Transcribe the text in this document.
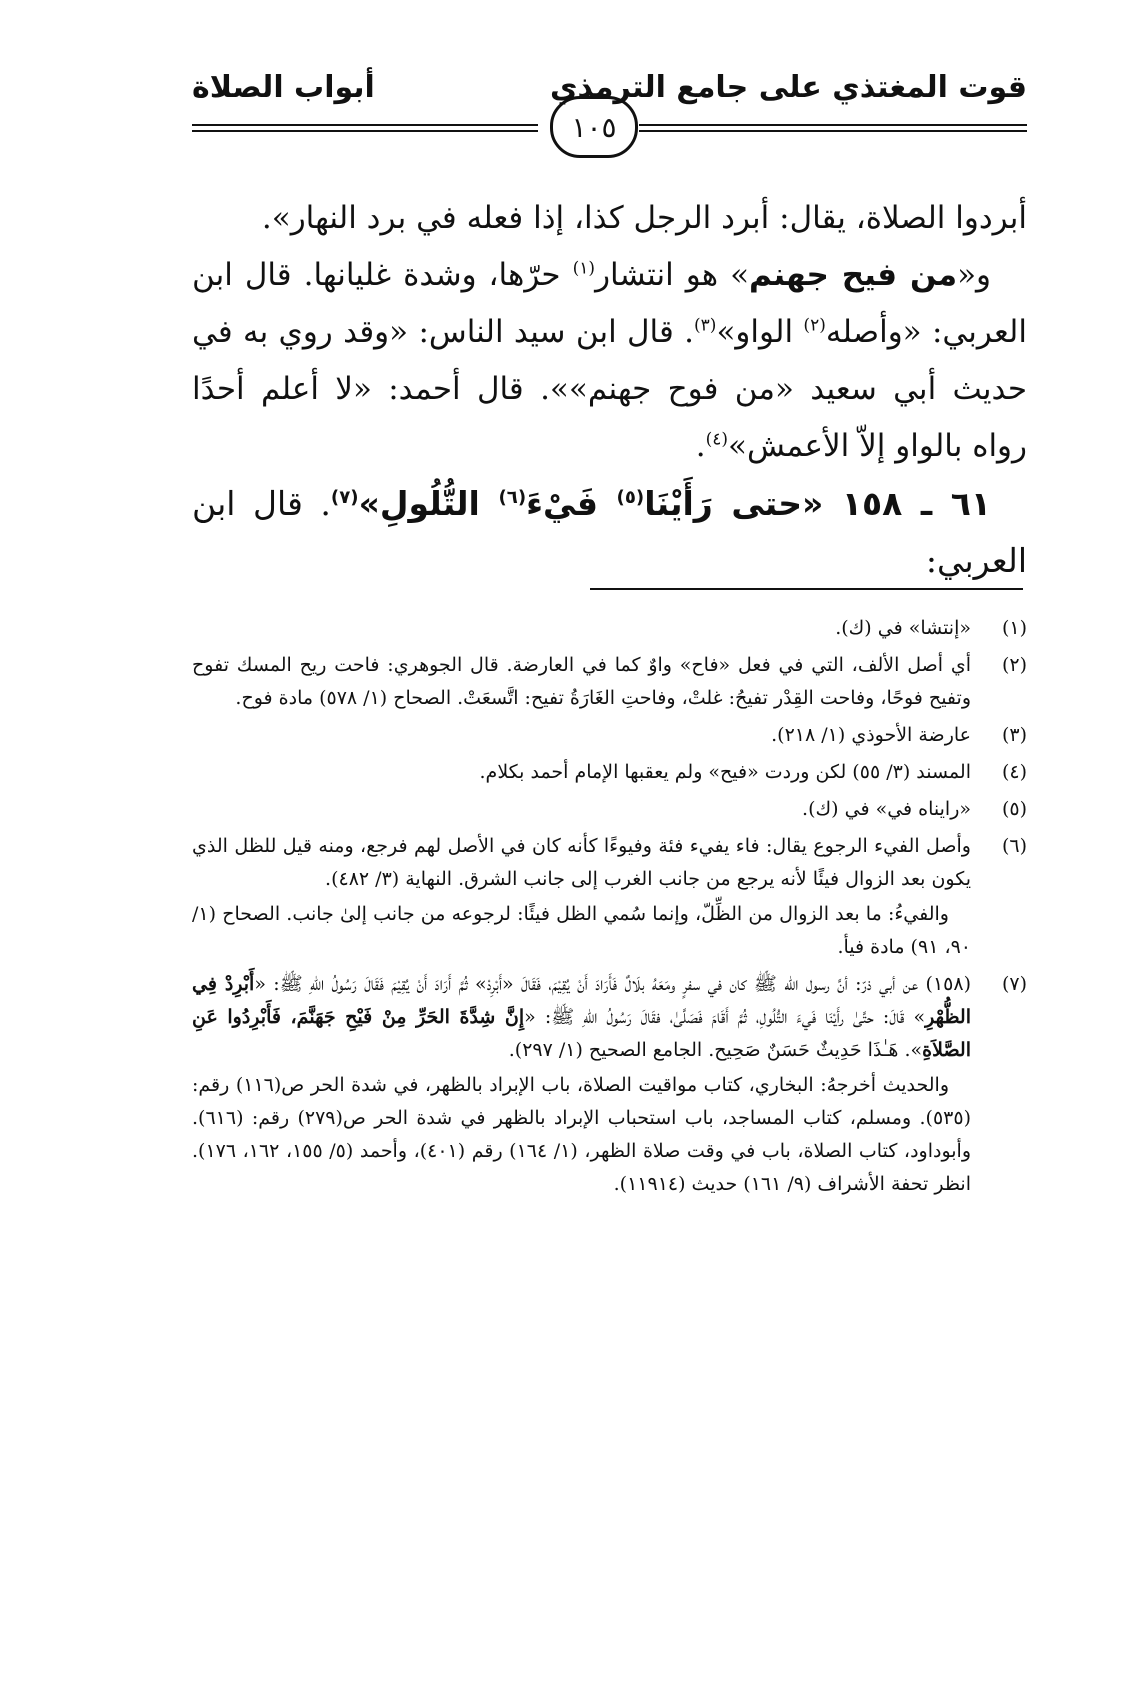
قوت المغتذي على جامع الترمذي
أبواب الصلاة
١٠٥

أبردوا الصلاة، يقال: أبرد الرجل كذا، إذا فعله في برد النهار».

و«من فيح جهنم» هو انتشار$^{(١)}$ حرّها، وشدة غليانها. قال ابن العربي: «وأصله$^{(٢)}$ الواو»$^{(٣)}$. قال ابن سيد الناس: «وقد روي به في حديث أبي سعيد «من فوح جهنم»». قال أحمد: «لا أعلم أحدًا رواه بالواو إلاّ الأعمش»$^{(٤)}$.

٦١ ـ ١٥٨ «حتى رَأَيْنَا$^{(٥)}$ فَيْءَ$^{(٦)}$ التُّلُولِ»$^{(٧)}$. قال ابن العربي:

(١)

«إنتشا» في (ك).

(٢)

أي أصل الألف، التي في فعل «فاح» واوٌ كما في العارضة. قال الجوهري: فاحت ريح المسك تفوح وتفيح فوحًا، وفاحت القِدْر تفيحُ: غلتْ، وفاحتِ الغَارَةُ تفيح: اتَّسعَتْ. الصحاح (١/ ٥٧٨) مادة فوح.

(٣)

عارضة الأحوذي (١/ ٢١٨).

(٤)

المسند (٣/ ٥٥) لكن وردت «فيح» ولم يعقبها الإمام أحمد بكلام.

(٥)

«رايناه في» في (ك).

(٦)

وأصل الفيء الرجوع يقال: فاء يفيء فئة وفيوءًا كأنه كان في الأصل لهم فرجع، ومنه قيل للظل الذي يكون بعد الزوال فيئًا لأنه يرجع من جانب الغرب إلى جانب الشرق. النهاية (٣/ ٤٨٢).

والفيءُ: ما بعد الزوال من الظِّلّ، وإنما سُمي الظل فيئًا: لرجوعه من جانب إلىٰ جانب. الصحاح (١/ ٩٠، ٩١) مادة فيأ.

(٧)

(١٥٨) عن أبي ذرّ: أنَّ رسول الله ﷺ كان في سفرٍ ومَعَهُ بلَالٌ فَأَرَادَ أَنْ يُقِيْمَ، فَقَالَ «أَبْرِدْ» ثُمَّ أَرَادَ أَنْ يُقِيْمَ فَقَالَ رَسُولُ اللهِ ﷺ: «أَبْرِدْ فِي الظُّهْرِ» قَالَ: حتَّىٰ رأَيْنَا فَيءَ التُّلُولِ، ثُمَّ أَقَامَ فَصَلَّىٰ، فقَالَ رَسُولُ اللهِ ﷺ: «إِنَّ شِدَّةَ الحَرِّ مِنْ فَيْحِ جَهَنَّمَ، فَأَبْرِدُوا عَنِ الصَّلاَةِ». هَـٰذَا حَدِيثٌ حَسَنٌ صَحِيح. الجامع الصحيح (١/ ٢٩٧).

والحديث أخرجهُ: البخاري، كتاب مواقيت الصلاة، باب الإبراد بالظهر، في شدة الحر ص(١١٦) رقم: (٥٣٥). ومسلم، كتاب المساجد، باب استحباب الإبراد بالظهر في شدة الحر ص(٢٧٩) رقم: (٦١٦). وأبوداود، كتاب الصلاة، باب في وقت صلاة الظهر، (١/ ١٦٤) رقم (٤٠١)، وأحمد (٥/ ١٥٥، ١٦٢، ١٧٦). انظر تحفة الأشراف (٩/ ١٦١) حديث (١١٩١٤).
